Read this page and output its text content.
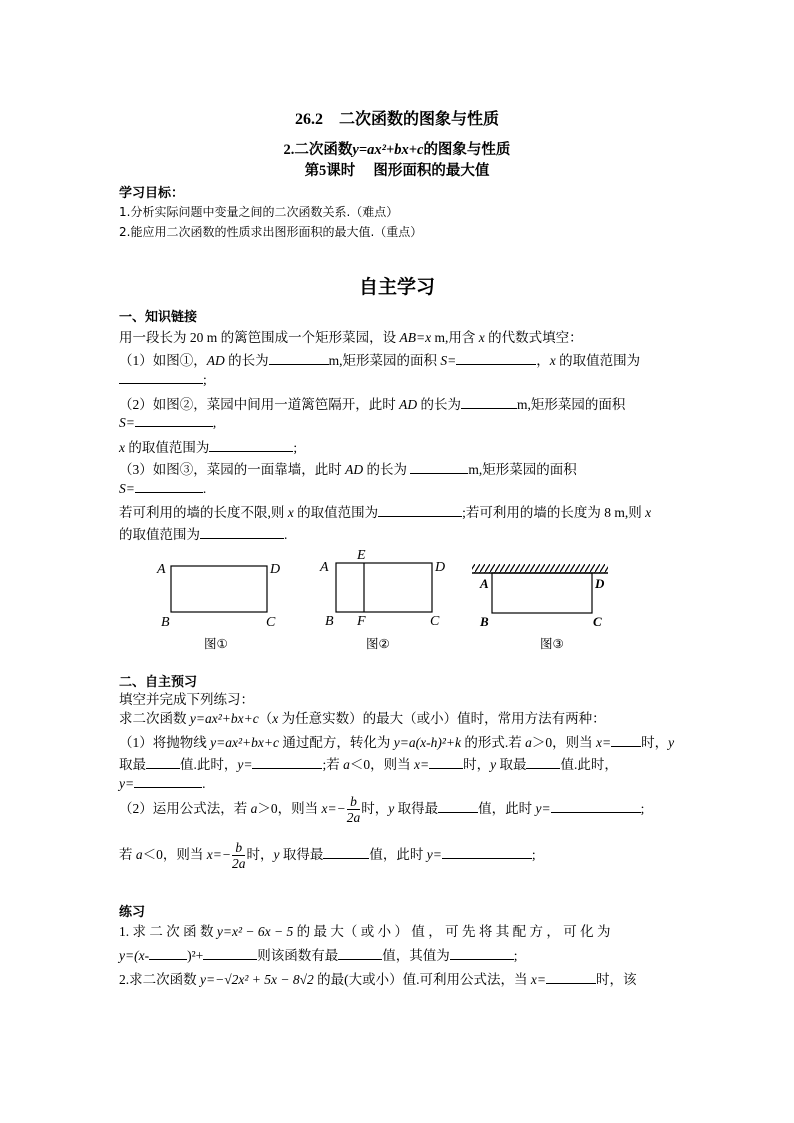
26.2　二次函数的图象与性质
2.二次函数y=ax²+bx+c的图象与性质
第5课时　 图形面积的最大值
学习目标：
1.分析实际问题中变量之间的二次函数关系.（难点）
2.能应用二次函数的性质求出图形面积的最大值.（重点）
自主学习
一、知识链接
用一段长为 20 m 的篱笆围成一个矩形菜园，设 AB=x m,用含 x 的代数式填空：
（1）如图①，AD 的长为	m,矩形菜园的面积 S=	，x 的取值范围为
;
（2）如图②，菜园中间用一道篱笆隔开，此时 AD 的长为	m,矩形菜园的面积
S=	,
x 的取值范围为	;
（3）如图③，菜园的一面靠墙，此时 AD 的长为	m,矩形菜园的面积
S=	.
若可利用的墙的长度不限,则 x 的取值范围为	;若可利用的墙的长度为 8 m,则 x
的取值范围为	.
A	D
B	C
图①
A	D
E
B F	C
图②
A	D
B	C
图③
二、自主预习
填空并完成下列练习：
求二次函数 y=ax²+bx+c（x 为任意实数）的最大（或小）值时，常用方法有两种：
（1）将抛物线 y=ax²+bx+c 通过配方，转化为 y=a(x-h)²+k 的形式.若 a＞0，则当 x= 时，y
取最	值.此时，y=	;若 a＜0，则当 x=	时，y 取最	值.此时，
y=	.
（2）运用公式法，若 a＞0，则当 $x=- \frac{b}{2a}$ 时，y 取得最	值，此时 y=	;
若 a＜0，则当 $x=- \frac{b}{2a}$ 时，y 取得最	值，此时 y=	;
练习
1. 求 二 次 函 数 y=x² − 6x − 5 的 最 大（ 或 小 ） 值 ， 可 先 将 其 配 方 ， 可 化 为
y=(x-	)²+	则该函数有最	值，其值为	;
2.求二次函数 y=−√2x² + 5x − 8√2 的最(大或小）值.可利用公式法，当 x=	时，该
